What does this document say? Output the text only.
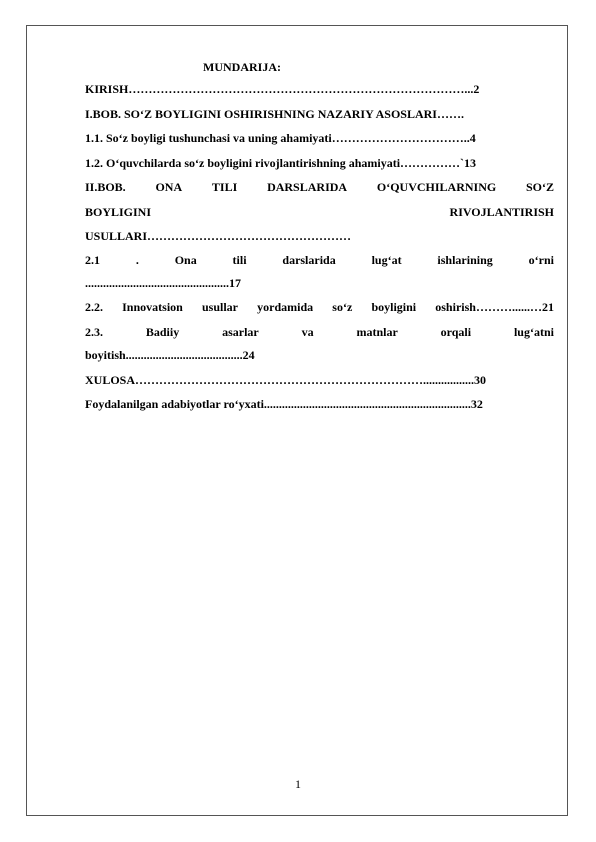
MUNDARIJA:
KIRISH…………………………………………………………………………...2
I.BOB. SO‘Z BOYLIGINI OSHIRISHNING NAZARIY ASOSLARI…….
1.1. So‘z boyligi tushunchasi va uning ahamiyati……………………………..4
1.2. O‘quvchilarda so‘z boyligini rivojlantirishning ahamiyati……………`13
II.BOB. ONA TILI DARSLARIDA O‘QUVCHILARNING SO‘Z
BOYLIGINI	RIVOJLANTIRISH
USULLARI……………………………………………
2.1	.	Ona	tili	darslarida	lug‘at	ishlarining	o‘rni
................................................17
2.2. Innovatsion usullar yordamida so‘z boyligini oshirish………......…21
2.3.	Badiiy	asarlar	va	matnlar	orqali	lug‘atni
boyitish.......................................24
XULOSA……………………………………………………………….................30
Foydalanilgan adabiyotlar ro‘yxati.....................................................................32
1
